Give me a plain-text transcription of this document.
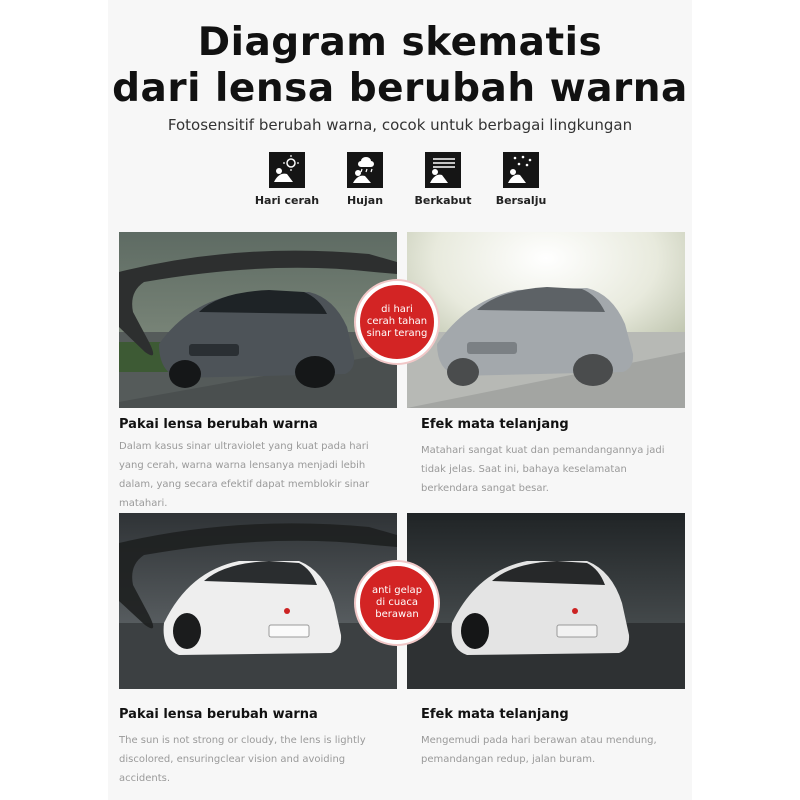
Diagram skematis
dari lensa berubah warna

Fotosensitif berubah warna, cocok untuk berbagai lingkungan

Hari cerah	Hujan	Berkabut	Bersalju
di hari cerah tahan sinar terang

Pakai lensa berubah warna

Dalam kasus sinar ultraviolet yang kuat pada hari yang cerah, warna warna lensanya menjadi lebih dalam, yang secara efektif dapat memblokir sinar matahari.

Efek mata telanjang

Matahari sangat kuat dan pemandangannya jadi tidak jelas. Saat ini, bahaya keselamatan berkendara sangat besar.

anti gelap di cuaca berawan

Pakai lensa berubah warna

The sun is not strong or cloudy, the lens is lightly discolored, ensuringclear vision and avoiding accidents.

Efek mata telanjang

Mengemudi pada hari berawan atau mendung, pemandangan redup, jalan buram.
